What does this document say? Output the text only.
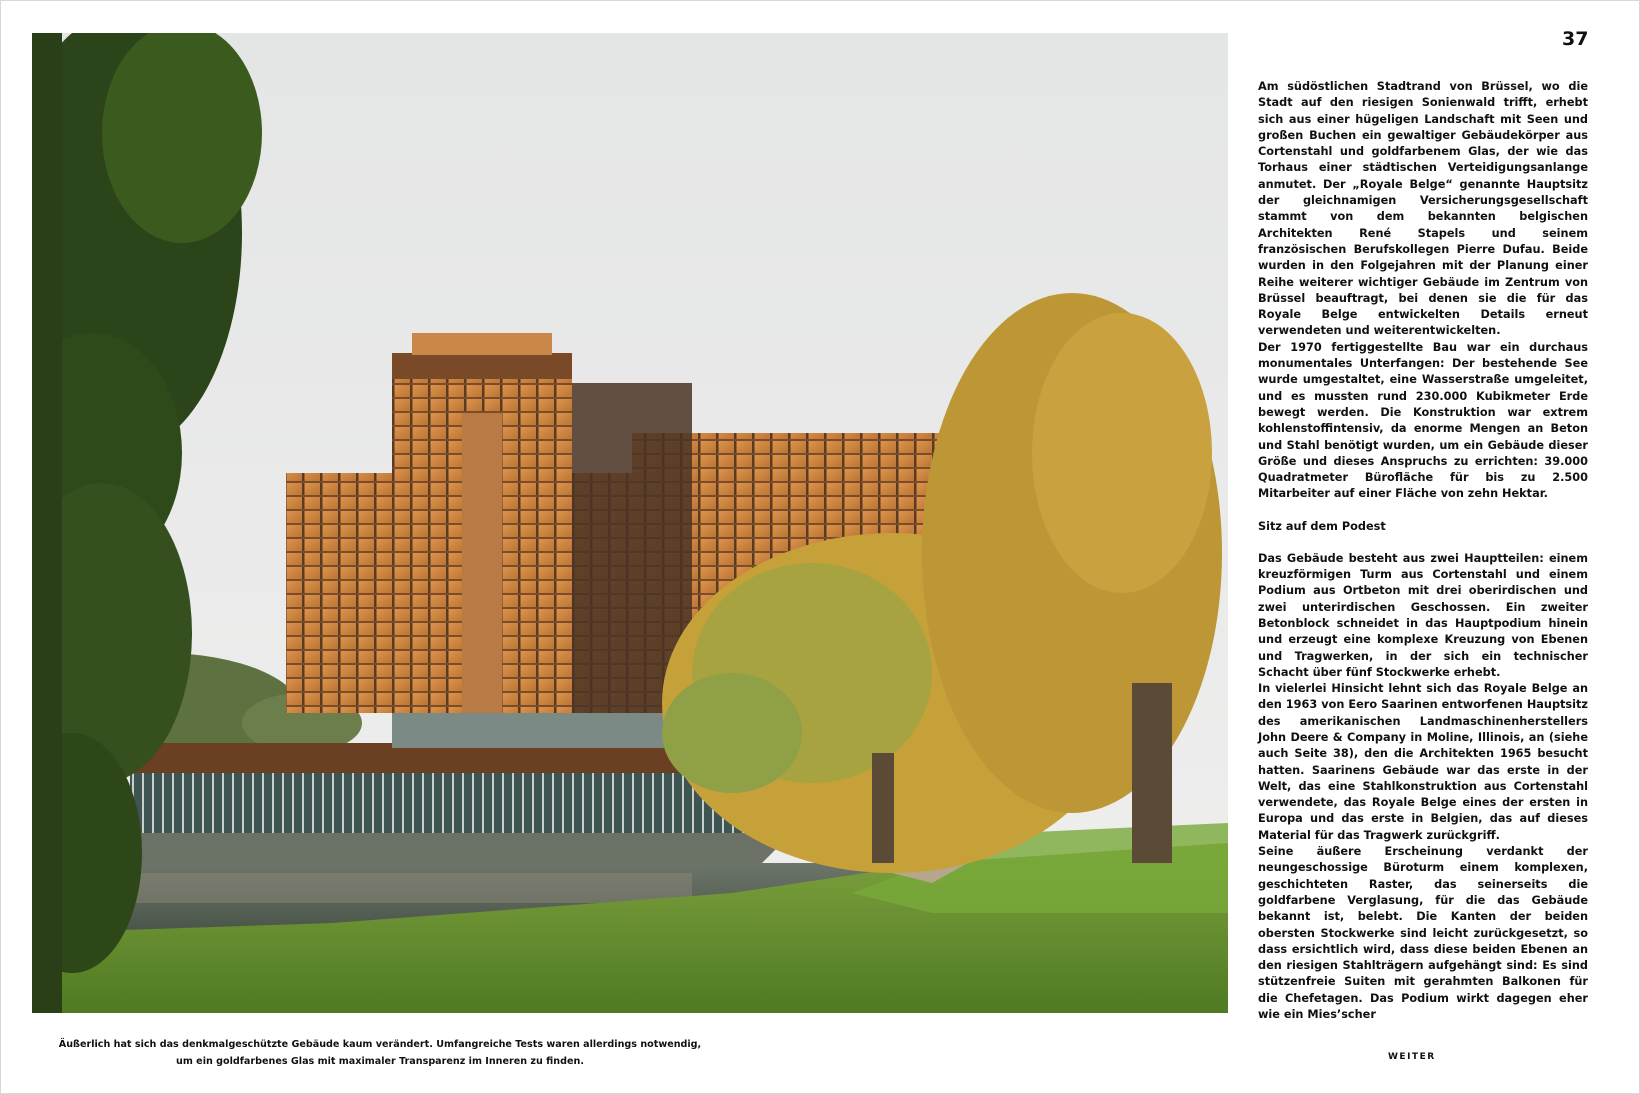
37

Am südöstlichen Stadtrand von Brüssel, wo die Stadt auf den riesigen Sonienwald trifft, erhebt sich aus einer hügeligen Landschaft mit Seen und großen Buchen ein gewaltiger Gebäudekörper aus Cortenstahl und goldfarbenem Glas, der wie das Torhaus einer städtischen Verteidigungsanlange anmutet. Der „Royale Belge“ genannte Hauptsitz der gleichnamigen Versicherungsgesellschaft stammt von dem bekannten belgischen Architekten René Stapels und seinem französischen Berufskollegen Pierre Dufau. Beide wurden in den Folgejahren mit der Planung einer Reihe weiterer wichtiger Gebäude im Zentrum von Brüssel beauftragt, bei denen sie die für das Royale Belge entwickelten Details erneut verwendeten und weiterentwickelten.

Der 1970 fertiggestellte Bau war ein durchaus monumentales Unterfangen: Der bestehende See wurde umgestaltet, eine Wasserstraße umgeleitet, und es mussten rund 230.000 Kubikmeter Erde bewegt werden. Die Konstruktion war extrem kohlenstoffintensiv, da enorme Mengen an Beton und Stahl benötigt wurden, um ein Gebäude dieser Größe und dieses Anspruchs zu errichten: 39.000 Quadratmeter Bürofläche für bis zu 2.500 Mitarbeiter auf einer Fläche von zehn Hektar.

Sitz auf dem Podest

Das Gebäude besteht aus zwei Hauptteilen: einem kreuzförmigen Turm aus Cortenstahl und einem Podium aus Ortbeton mit drei oberirdischen und zwei unterirdischen Geschossen. Ein zweiter Betonblock schneidet in das Hauptpodium hinein und erzeugt eine komplexe Kreuzung von Ebenen und Tragwerken, in der sich ein technischer Schacht über fünf Stockwerke erhebt.

In vielerlei Hinsicht lehnt sich das Royale Belge an den 1963 von Eero Saarinen entworfenen Hauptsitz des amerikanischen Landmaschinenherstellers John Deere & Company in Moline, Illinois, an (siehe auch Seite 38), den die Architekten 1965 besucht hatten. Saarinens Gebäude war das erste in der Welt, das eine Stahlkonstruktion aus Cortenstahl verwendete, das Royale Belge eines der ersten in Europa und das erste in Belgien, das auf dieses Material für das Tragwerk zurückgriff.

Seine äußere Erscheinung verdankt der neungeschossige Büroturm einem komplexen, geschichteten Raster, das seinerseits die goldfarbene Verglasung, für die das Gebäude bekannt ist, belebt. Die Kanten der beiden obersten Stockwerke sind leicht zurückgesetzt, so dass ersichtlich wird, dass diese beiden Ebenen an den riesigen Stahlträgern aufgehängt sind: Es sind stützenfreie Suiten mit gerahmten Balkonen für die Chefetagen. Das Podium wirkt dagegen eher wie ein Mies’scher

Äußerlich hat sich das denkmalgeschützte Gebäude kaum verändert. Umfangreiche Tests waren allerdings notwendig,
um ein goldfarbenes Glas mit maximaler Transparenz im Inneren zu finden.	WEITER
